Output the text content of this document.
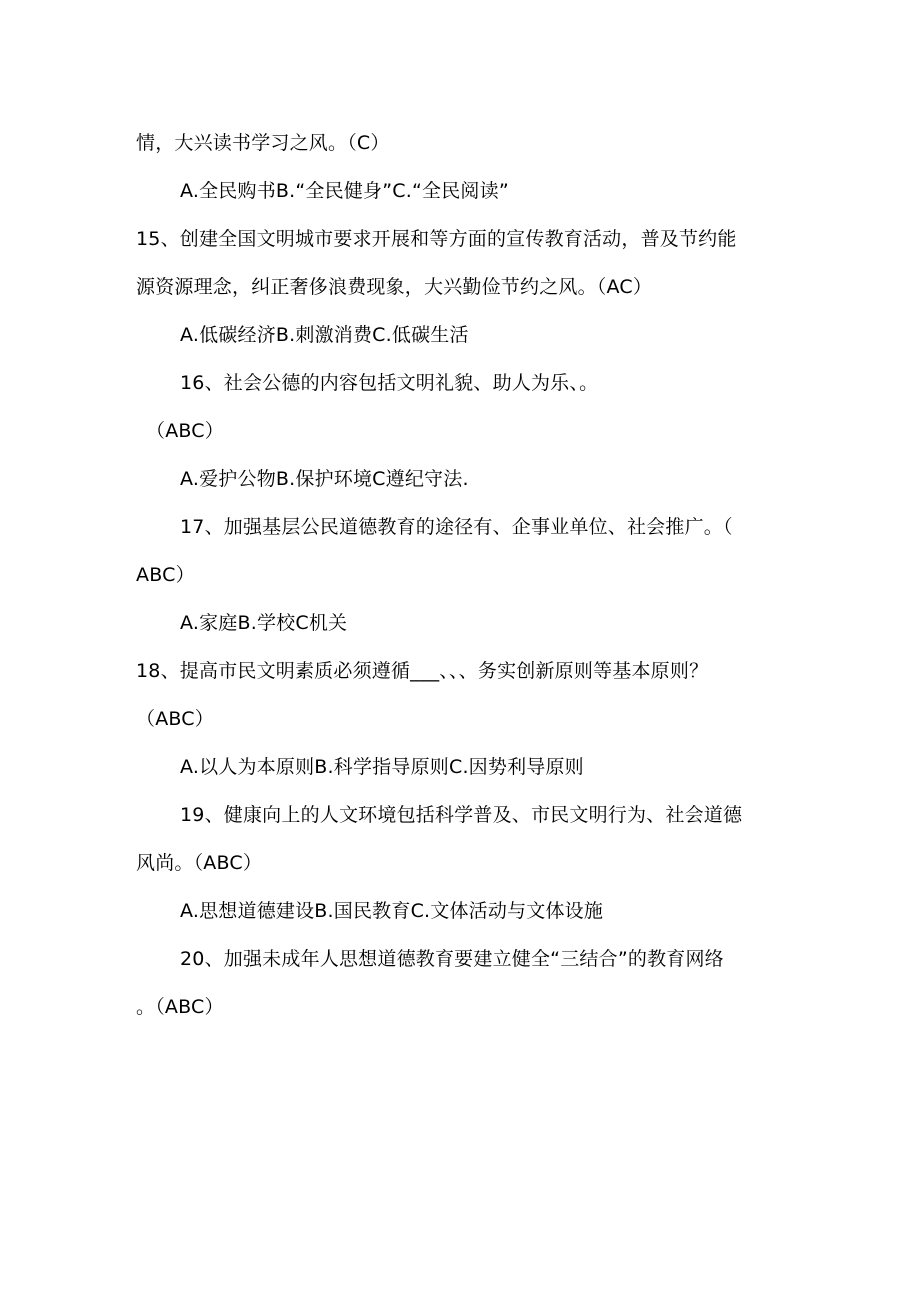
情，大兴读书学习之风。（C）
A.全民购书B.“全民健身”C.“全民阅读”
15、创建全国文明城市要求开展和等方面的宣传教育活动，普及节约能
源资源理念，纠正奢侈浪费现象，大兴勤俭节约之风。（AC）
A.低碳经济B.刺激消费C.低碳生活
16、社会公德的内容包括文明礼貌、助人为乐、。
（ABC）
A.爱护公物B.保护环境C遵纪守法.
17、加强基层公民道德教育的途径有、企事业单位、社会推广。（
ABC）
A.家庭B.学校C机关
18、提高市民文明素质必须遵循___、、、务实创新原则等基本原则？
（ABC）
A.以人为本原则B.科学指导原则C.因势利导原则
19、健康向上的人文环境包括科学普及、市民文明行为、社会道德
风尚。（ABC）
A.思想道德建设B.国民教育C.文体活动与文体设施
20、加强未成年人思想道德教育要建立健全“三结合”的教育网络
。（ABC）
